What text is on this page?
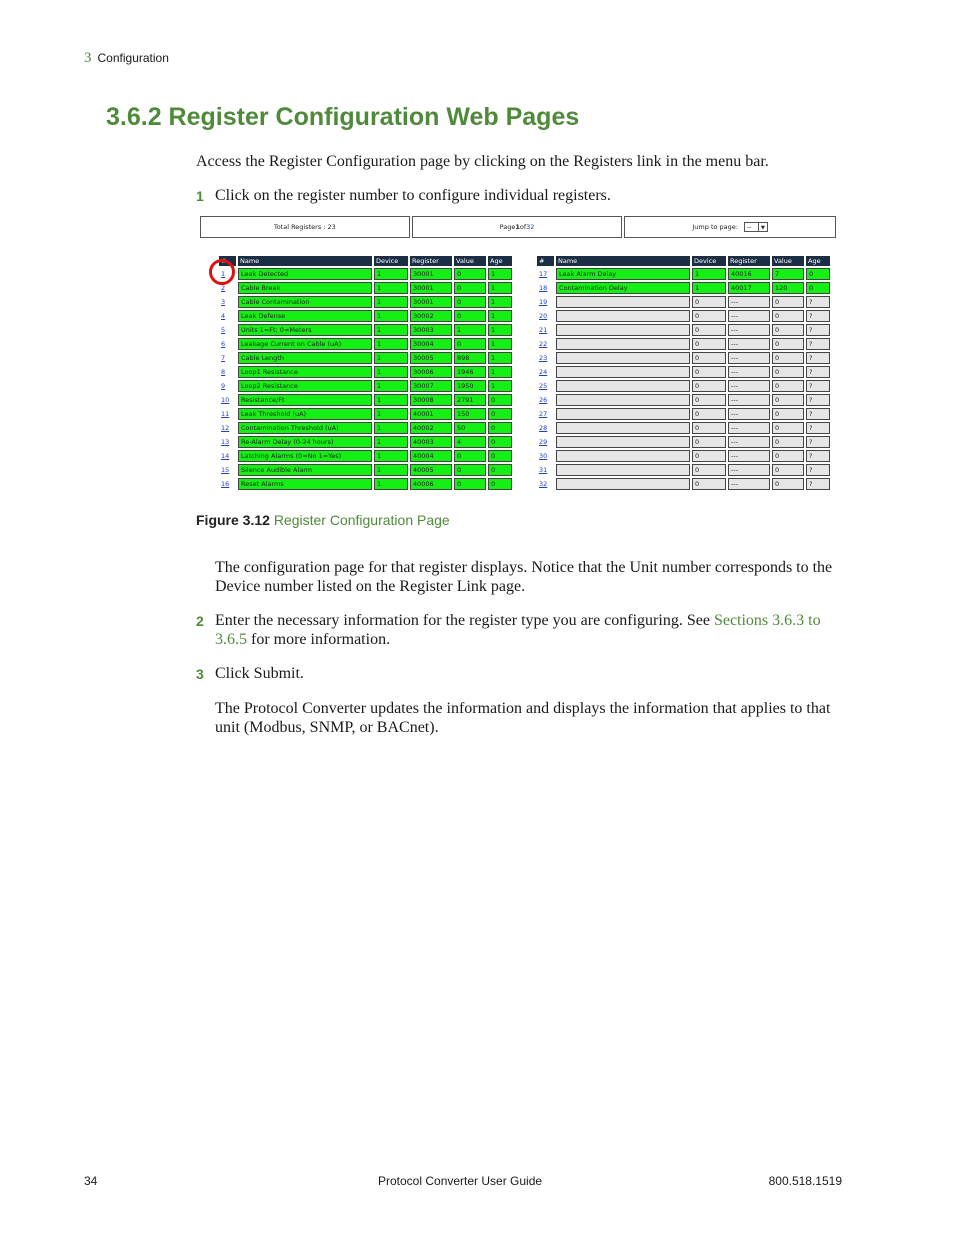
3 Configuration
3.6.2 Register Configuration Web Pages

Access the Register Configuration page by clicking on the Registers link in the menu bar.

1 Click on the register number to configure individual registers.

Total Registers : 23	Page 1 of 32	Jump to page:	--	▼
#	Name	Device	Register	Value	Age
1	Leak Detected	1	30001	0	1
2	Cable Break	1	30001	0	1
3	Cable Contamination	1	30001	0	1
4	Leak Defense	1	30002	0	1
5	Units 1=Ft; 0=Meters	1	30003	1	1
6	Leakage Current on Cable (uA)	1	30004	0	1
7	Cable Length	1	30005	898	1
8	Loop1 Resistance	1	30006	1946	1
9	Loop2 Resistance	1	30007	1950	1
10	Resistance/Ft	1	30008	2791	0
11	Leak Threshold (uA)	1	40001	150	0
12	Contamination Threshold (uA)	1	40002	50	0
13	Re-Alarm Delay (0-24 hours)	1	40003	4	0
14	Latching Alarms (0=No 1=Yes)	1	40004	0	0
15	Silence Audible Alarm	1	40005	0	0
16	Reset Alarms	1	40006	0	0
#	Name	Device	Register	Value	Age
17	Leak Alarm Delay	1	40016	7	0
18	Contamination Delay	1	40017	120	0
19		0	---	0	?
20		0	---	0	?
21		0	---	0	?
22		0	---	0	?
23		0	---	0	?
24		0	---	0	?
25		0	---	0	?
26		0	---	0	?
27		0	---	0	?
28		0	---	0	?
29		0	---	0	?
30		0	---	0	?
31		0	---	0	?
32		0	---	0	?
Figure 3.12 Register Configuration Page

The configuration page for that register displays. Notice that the Unit number corresponds to the Device number listed on the Register Link page.

2 Enter the necessary information for the register type you are configuring. See Sections 3.6.3 to 3.6.5 for more information.

3 Click Submit.

The Protocol Converter updates the information and displays the information that applies to that unit (Modbus, SNMP, or BACnet).

34	Protocol Converter User Guide	800.518.1519
